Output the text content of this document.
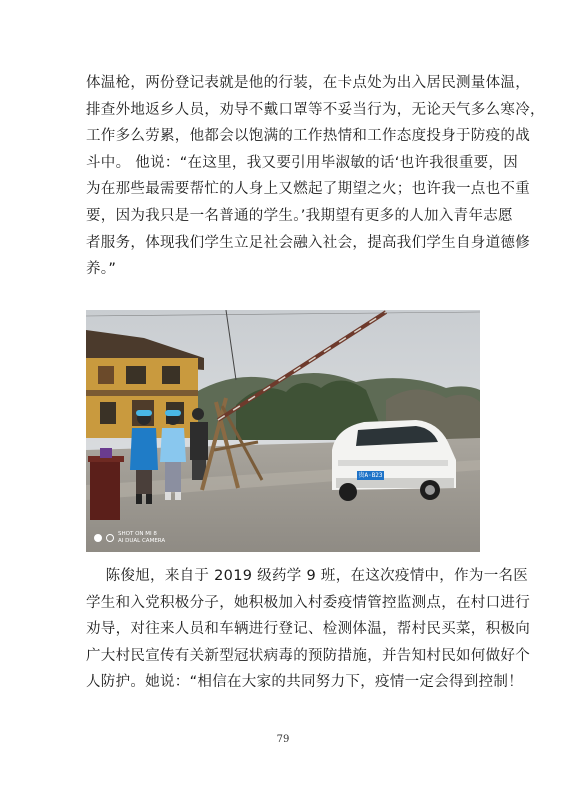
体温枪，两份登记表就是他的行装，在卡点处为出入居民测量体温，
排查外地返乡人员，劝导不戴口罩等不妥当行为，无论天气多么寒冷，
工作多么劳累，他都会以饱满的工作热情和工作态度投身于防疫的战
斗中。 他说：“在这里，我又要引用毕淑敏的话‘也许我很重要，因
为在那些最需要帮忙的人身上又燃起了期望之火；也许我一点也不重
要，因为我只是一名普通的学生。’我期望有更多的人加入青年志愿
者服务，体现我们学生立足社会融入社会，提高我们学生自身道德修
养。”
贵A·B23
SHOT ON MI 8
AI DUAL CAMERA
陈俊旭，来自于 2019 级药学 9 班，在这次疫情中，作为一名医
学生和入党积极分子，她积极加入村委疫情管控监测点，在村口进行
劝导，对往来人员和车辆进行登记、检测体温，帮村民买菜，积极向
广大村民宣传有关新型冠状病毒的预防措施，并告知村民如何做好个
人防护。她说：“相信在大家的共同努力下，疫情一定会得到控制！
79
